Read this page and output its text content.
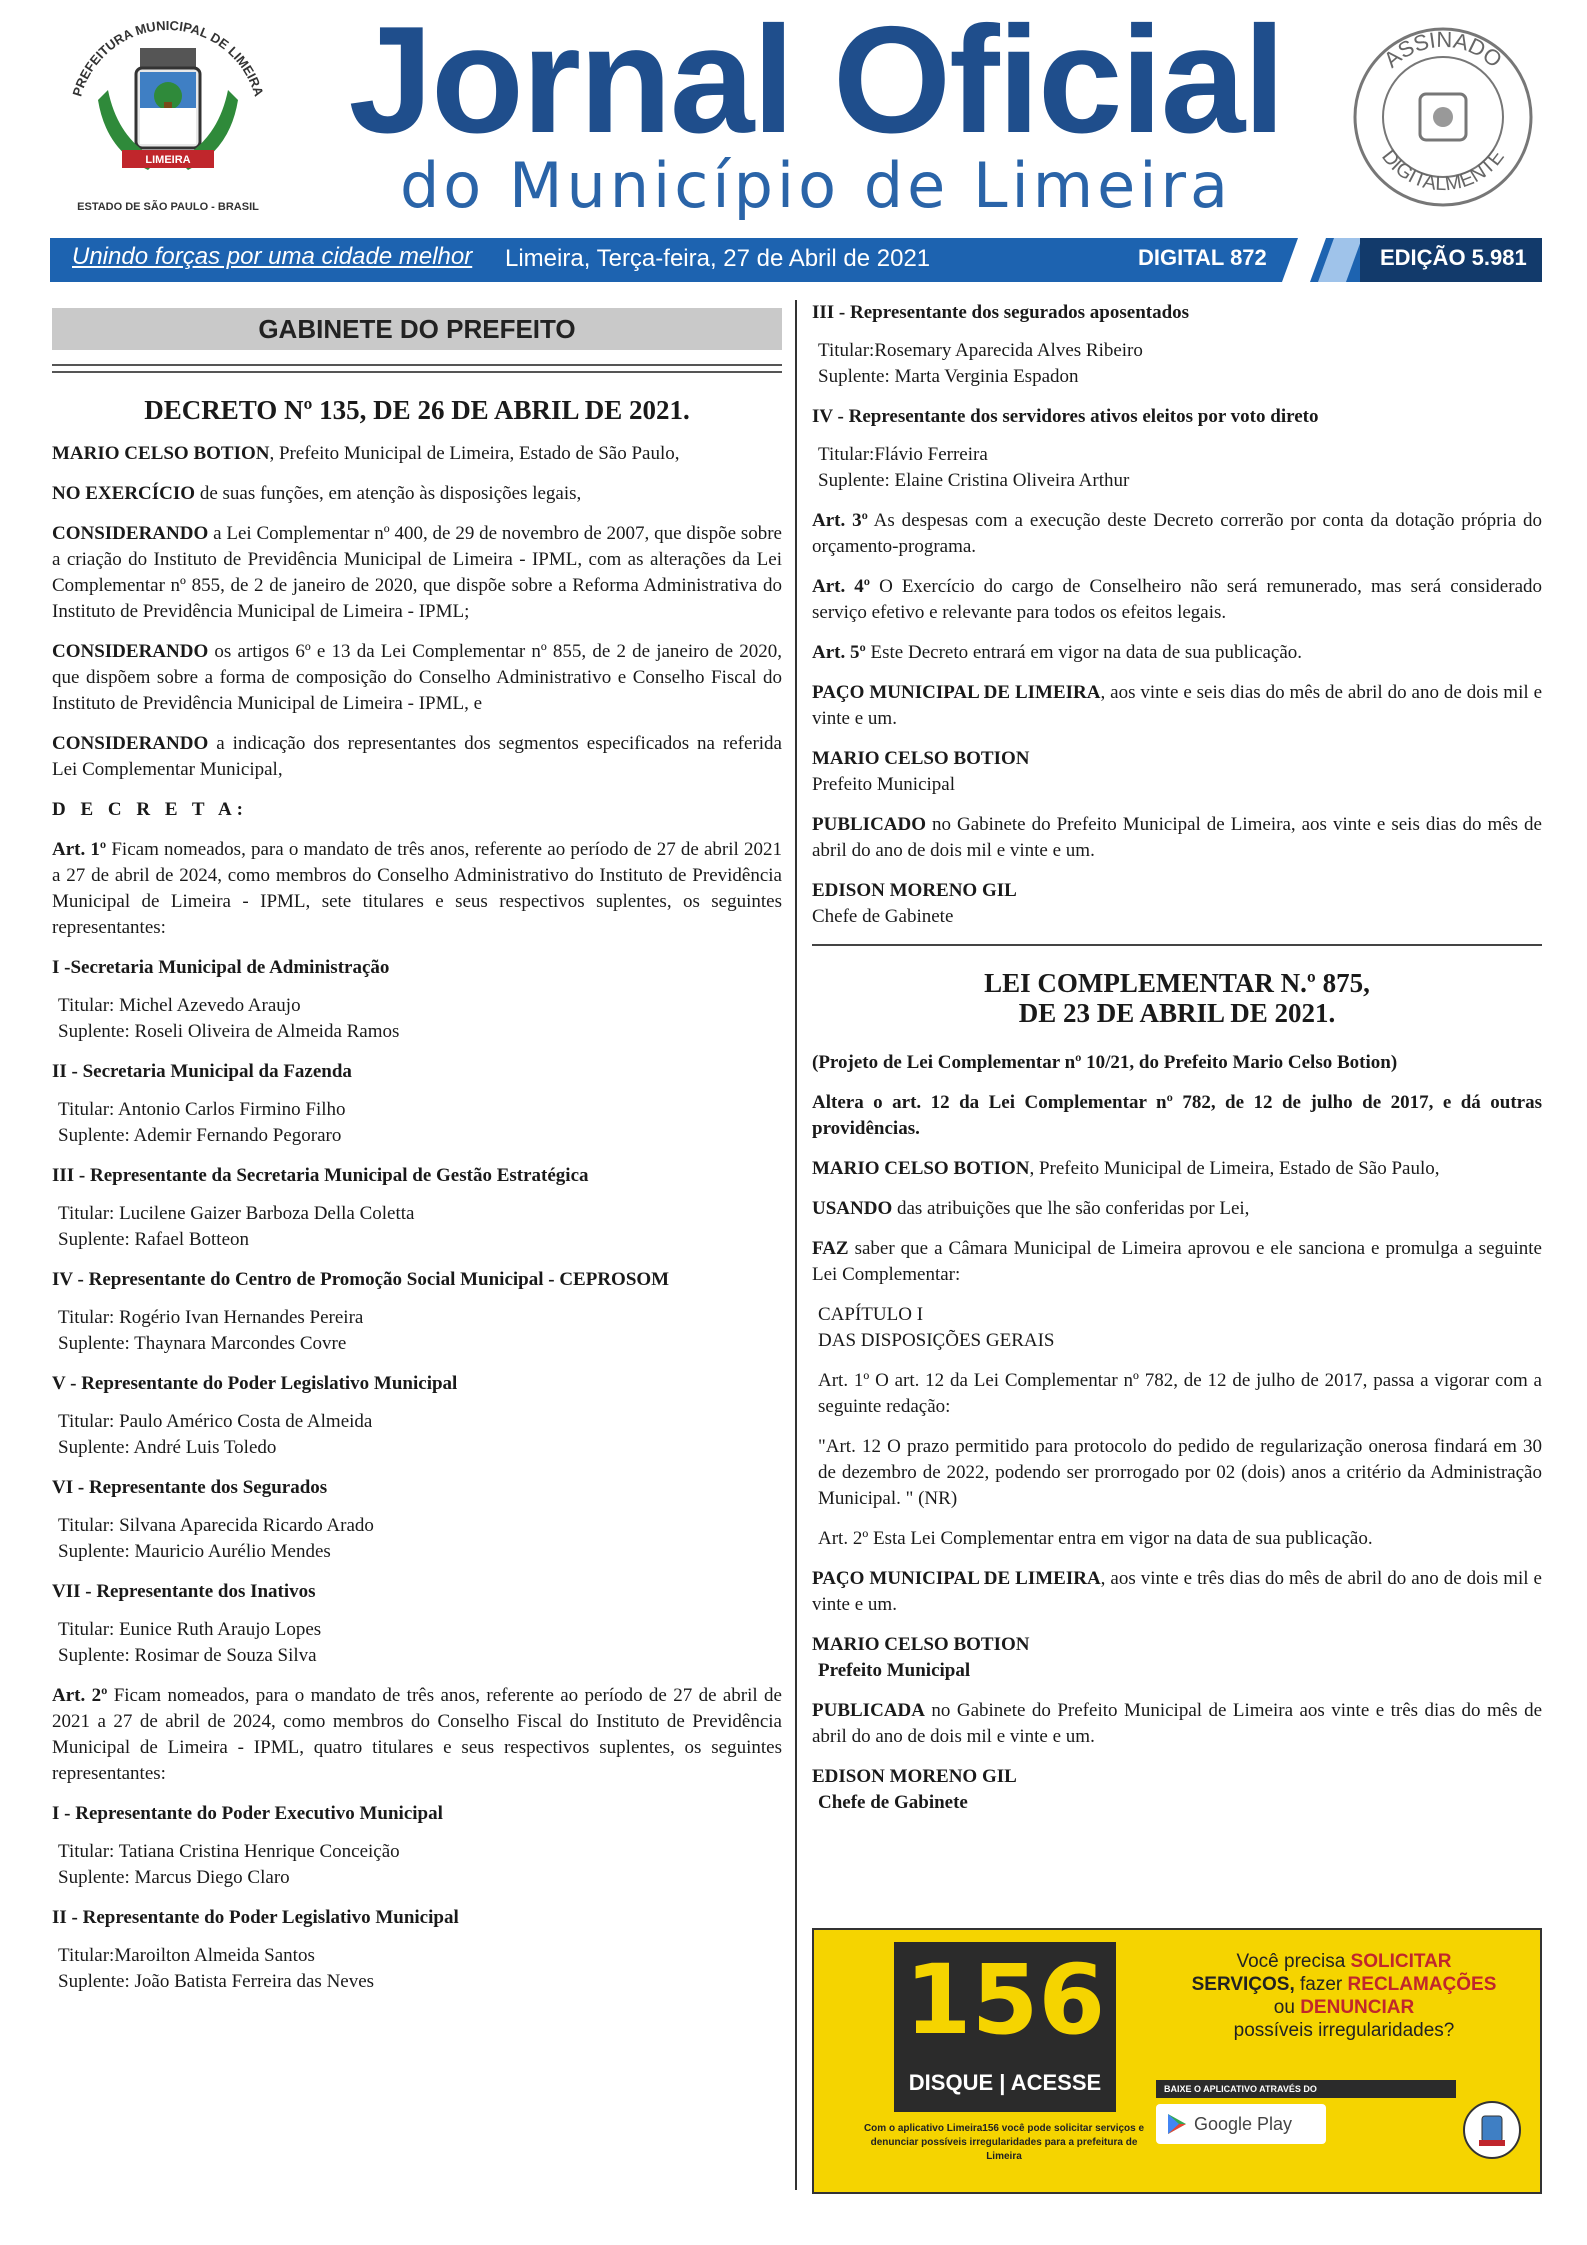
PREFEITURA MUNICIPAL DE LIMEIRA
LIMEIRA
ESTADO DE SÃO PAULO - BRASIL
Jornal Oficial
do Município de Limeira
ASSINADO
DIGITALMENTE
Unindo forças por uma cidade melhor Limeira, Terça-feira, 27 de Abril de 2021	DIGITAL 872	EDIÇÃO 5.981
GABINETE DO PREFEITO
DECRETO Nº 135, DE 26 DE ABRIL DE 2021.

MARIO CELSO BOTION, Prefeito Municipal de Limeira, Estado de São Paulo,

NO EXERCÍCIO de suas funções, em atenção às disposições legais,

CONSIDERANDO a Lei Complementar nº 400, de 29 de novembro de 2007, que dispõe sobre a criação do Instituto de Previdência Municipal de Limeira - IPML, com as alterações da Lei Complementar nº 855, de 2 de janeiro de 2020, que dispõe sobre a Reforma Administrativa do Instituto de Previdência Municipal de Limeira - IPML;

CONSIDERANDO os artigos 6º e 13 da Lei Complementar nº 855, de 2 de janeiro de 2020, que dispõem sobre a forma de composição do Conselho Administrativo e Conselho Fiscal do Instituto de Previdência Municipal de Limeira - IPML, e

CONSIDERANDO a indicação dos representantes dos segmentos especificados na referida Lei Complementar Municipal,

D E C R E T A:

Art. 1º Ficam nomeados, para o mandato de três anos, referente ao período de 27 de abril 2021 a 27 de abril de 2024, como membros do Conselho Administrativo do Instituto de Previdência Municipal de Limeira - IPML, sete titulares e seus respectivos suplentes, os seguintes representantes:

I -Secretaria Municipal de Administração
Titular: Michel Azevedo Araujo
Suplente: Roseli Oliveira de Almeida Ramos
II - Secretaria Municipal da Fazenda
Titular: Antonio Carlos Firmino Filho
Suplente: Ademir Fernando Pegoraro
III - Representante da Secretaria Municipal de Gestão Estratégica
Titular: Lucilene Gaizer Barboza Della Coletta
Suplente: Rafael Botteon
IV - Representante do Centro de Promoção Social Municipal - CEPROSOM
Titular: Rogério Ivan Hernandes Pereira
Suplente: Thaynara Marcondes Covre
V - Representante do Poder Legislativo Municipal
Titular: Paulo Américo Costa de Almeida
Suplente: André Luis Toledo
VI - Representante dos Segurados
Titular: Silvana Aparecida Ricardo Arado
Suplente: Mauricio Aurélio Mendes
VII - Representante dos Inativos
Titular: Eunice Ruth Araujo Lopes
Suplente: Rosimar de Souza Silva

Art. 2º Ficam nomeados, para o mandato de três anos, referente ao período de 27 de abril de 2021 a 27 de abril de 2024, como membros do Conselho Fiscal do Instituto de Previdência Municipal de Limeira - IPML, quatro titulares e seus respectivos suplentes, os seguintes representantes:

I - Representante do Poder Executivo Municipal
Titular: Tatiana Cristina Henrique Conceição
Suplente: Marcus Diego Claro
II - Representante do Poder Legislativo Municipal
Titular:Maroilton Almeida Santos
Suplente: João Batista Ferreira das Neves
III - Representante dos segurados aposentados
Titular:Rosemary Aparecida Alves Ribeiro
Suplente: Marta Verginia Espadon
IV - Representante dos servidores ativos eleitos por voto direto
Titular:Flávio Ferreira
Suplente: Elaine Cristina Oliveira Arthur

Art. 3º As despesas com a execução deste Decreto correrão por conta da dotação própria do orçamento-programa.

Art. 4º O Exercício do cargo de Conselheiro não será remunerado, mas será considerado serviço efetivo e relevante para todos os efeitos legais.

Art. 5º Este Decreto entrará em vigor na data de sua publicação.

PAÇO MUNICIPAL DE LIMEIRA, aos vinte e seis dias do mês de abril do ano de dois mil e vinte e um.

MARIO CELSO BOTION
Prefeito Municipal

PUBLICADO no Gabinete do Prefeito Municipal de Limeira, aos vinte e seis dias do mês de abril do ano de dois mil e vinte e um.

EDISON MORENO GIL
Chefe de Gabinete
LEI COMPLEMENTAR N.º 875,
DE 23 DE ABRIL DE 2021.

(Projeto de Lei Complementar nº 10/21, do Prefeito Mario Celso Botion)

Altera o art. 12 da Lei Complementar nº 782, de 12 de julho de 2017, e dá outras providências.

MARIO CELSO BOTION, Prefeito Municipal de Limeira, Estado de São Paulo,

USANDO das atribuições que lhe são conferidas por Lei,

FAZ saber que a Câmara Municipal de Limeira aprovou e ele sanciona e promulga a seguinte Lei Complementar:

CAPÍTULO I
DAS DISPOSIÇÕES GERAIS

Art. 1º O art. 12 da Lei Complementar nº 782, de 12 de julho de 2017, passa a vigorar com a seguinte redação:

"Art. 12 O prazo permitido para protocolo do pedido de regularização onerosa findará em 30 de dezembro de 2022, podendo ser prorrogado por 02 (dois) anos a critério da Administração Municipal. " (NR)

Art. 2º Esta Lei Complementar entra em vigor na data de sua publicação.

PAÇO MUNICIPAL DE LIMEIRA, aos vinte e três dias do mês de abril do ano de dois mil e vinte e um.

MARIO CELSO BOTION
Prefeito Municipal

PUBLICADA no Gabinete do Prefeito Municipal de Limeira aos vinte e três dias do mês de abril do ano de dois mil e vinte e um.

EDISON MORENO GIL
Chefe de Gabinete
156
DISQUE | ACESSE
Com o aplicativo Limeira156 você pode solicitar serviços e denunciar possíveis irregularidades para a prefeitura de Limeira
Você precisa SOLICITAR
SERVIÇOS, fazer RECLAMAÇÕES
ou DENUNCIAR
possíveis irregularidades?
BAIXE O APLICATIVO ATRAVÉS DO
Google Play
